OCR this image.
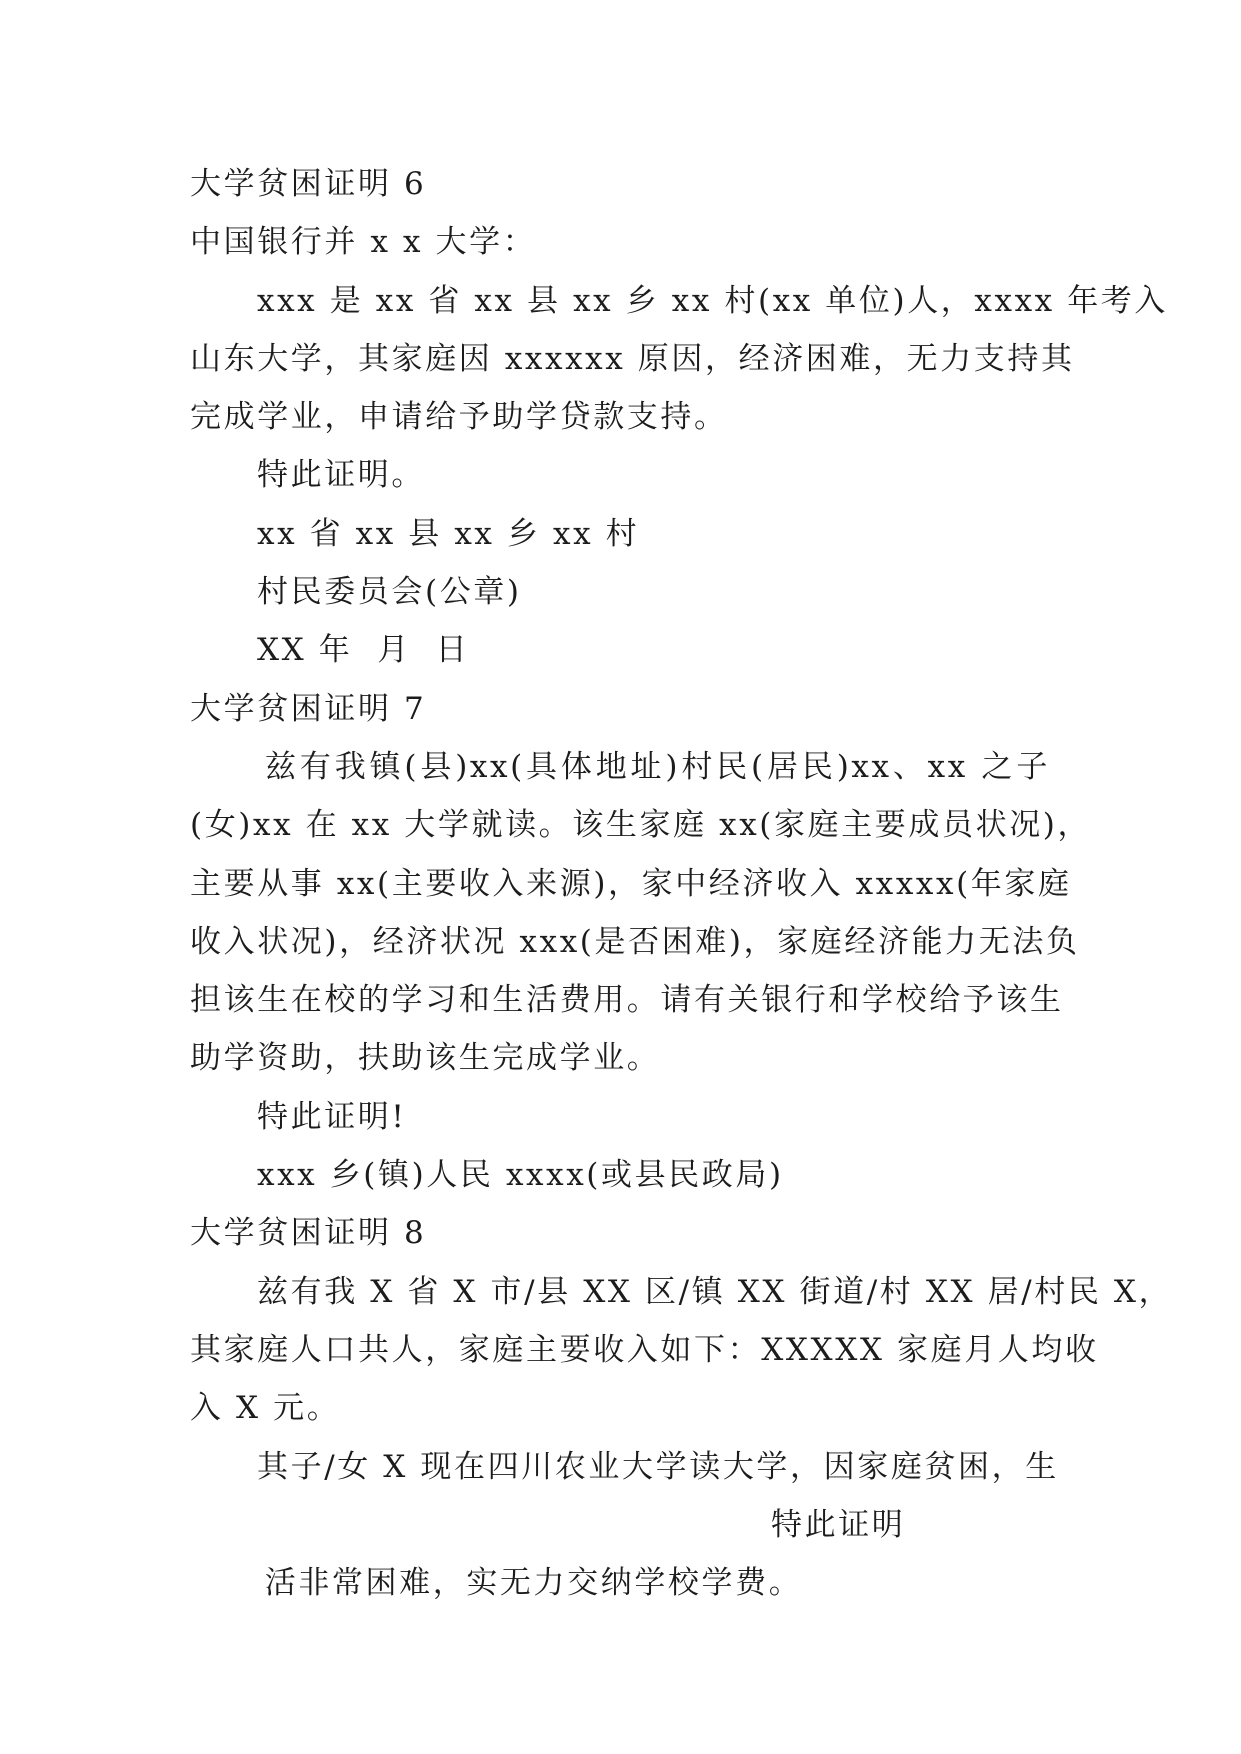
大学贫困证明 6
中国银行并 x x 大学：
xxx 是 xx 省 xx 县 xx 乡 xx 村(xx 单位)人，xxxx 年考入
山东大学，其家庭因 xxxxxx 原因，经济困难，无力支持其
完成学业，申请给予助学贷款支持。
特此证明。
xx 省 xx 县 xx 乡 xx 村
村民委员会(公章)
XX 年  月  日
大学贫困证明 7
兹有我镇(县)xx(具体地址)村民(居民)xx、xx 之子
(女)xx 在 xx 大学就读。该生家庭 xx(家庭主要成员状况)，
主要从事 xx(主要收入来源)，家中经济收入 xxxxx(年家庭
收入状况)，经济状况 xxx(是否困难)，家庭经济能力无法负
担该生在校的学习和生活费用。请有关银行和学校给予该生
助学资助，扶助该生完成学业。
特此证明!
xxx 乡(镇)人民 xxxx(或县民政局)
大学贫困证明 8
兹有我 X 省 X 市/县 XX 区/镇 XX 街道/村 XX 居/村民 X，
其家庭人口共人，家庭主要收入如下：XXXXX 家庭月人均收
入 X 元。
其子/女 X 现在四川农业大学读大学，因家庭贫困，生

活非常困难，实无力交纳学校学费。

特此证明
